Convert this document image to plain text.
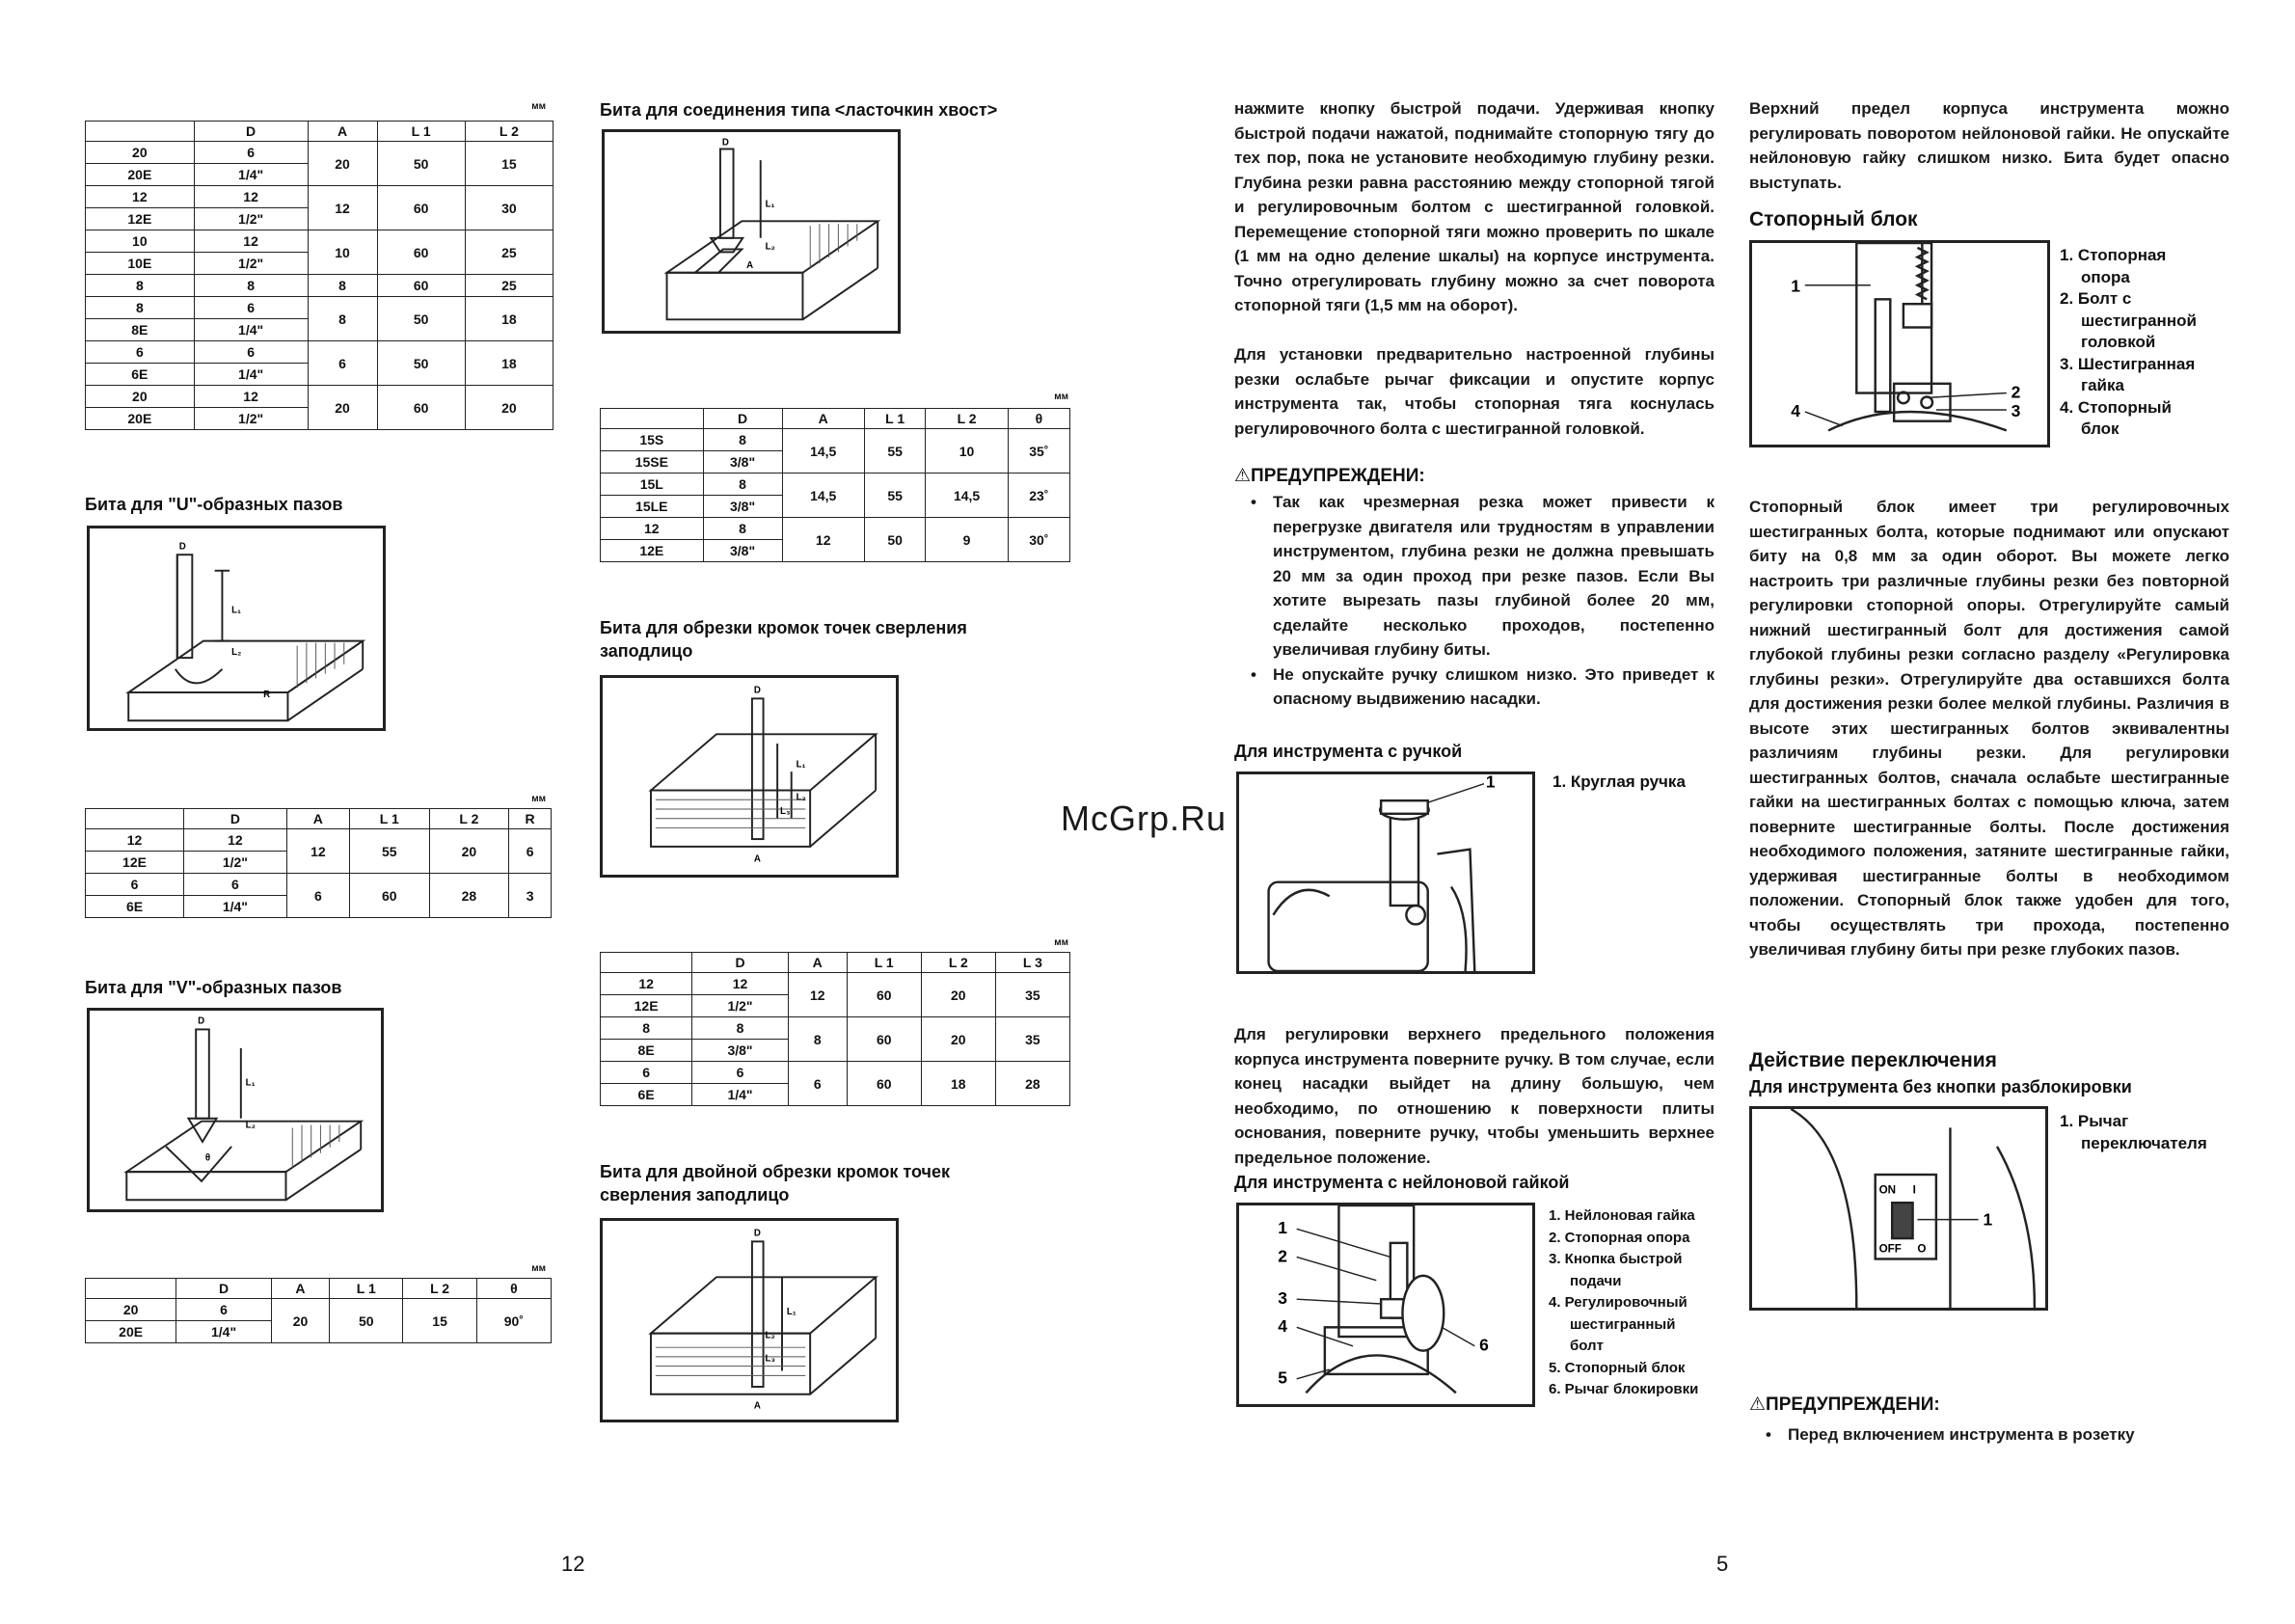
мм
	D	A	L 1	L 2
20	6	20	50	15
20E	1/4"			
12	12	12	60	30
12E	1/2"			
10	12	10	60	25
10E	1/2"			
8	8	8	60	25
8	6	8	50	18
8E	1/4"			
6	6	6	50	18
6E	1/4"			
20	12	20	60	20
20E	1/2"			
Бита для "U"-образных пазов
D
L₁
L₂
R
мм
	D	A	L 1	L 2	R
12	12	12	55	20	6
12E	1/2"				
6	6	6	60	28	3
6E	1/4"				
Бита для "V"-образных пазов
D
L₁
L₂
θ
мм
	D	A	L 1	L 2	θ
20	6	20	50	15	90˚
20E	1/4"				
Бита для соединения типа <ласточкин хвост>
D
L₁
L₂
A
мм
	D	A	L 1	L 2	θ
15S	8	14,5	55	10	35˚
15SE	3/8"				
15L	8	14,5	55	14,5	23˚
15LE	3/8"				
12	8	12	50	9	30˚
12E	3/8"				
Бита для обрезки кромок точек сверления
заподлицо
D
L₁
L₂
L₃
A
мм
	D	A	L 1	L 2	L 3
12	12	12	60	20	35
12E	1/2"				
8	8	8	60	20	35
8E	3/8"				
6	6	6	60	18	28
6E	1/4"				
Бита для двойной обрезки кромок точек
сверления заподлицо
D
L₁
L₂
L₃
A
12
McGrp.Ru
нажмите кнопку быстрой подачи. Удерживая кнопку быстрой подачи нажатой, поднимайте стопорную тягу до тех пор, пока не установите необходимую глубину резки. Глубина резки равна расстоянию между стопорной тягой и регулировочным болтом с шестигранной головкой. Перемещение стопорной тяги можно проверить по шкале (1 мм на одно деление шкалы) на корпусе инструмента. Точно отрегулировать глубину можно за счет поворота стопорной тяги (1,5 мм на оборот).
Для установки предварительно настроенной глубины резки ослабьте рычаг фиксации и опустите корпус инструмента так, чтобы стопорная тяга коснулась регулировочного болта с шестигранной головкой.
⚠ПРЕДУПРЕЖДЕНИ:
•	Так как чрезмерная резка может привести к перегрузке двигателя или трудностям в управлении инструментом, глубина резки не должна превышать 20 мм за один проход при резке пазов. Если Вы хотите вырезать пазы глубиной более 20 мм, сделайте несколько проходов, постепенно увеличивая глубину биты.
•	Не опускайте ручку слишком низко. Это приведет к опасному выдвижению насадки.
Для инструмента с ручкой
1	1. Круглая ручка
Для регулировки верхнего предельного положения корпуса инструмента поверните ручку. В том случае, если конец насадки выйдет на длину большую, чем необходимо, по отношению к поверхности плиты основания, поверните ручку, чтобы уменьшить верхнее предельное положение.
Для инструмента с нейлоновой гайкой
1
2
3
4
5
6
1. Нейлоновая гайка
2. Стопорная опора
3. Кнопка быстрой
подачи
4. Регулировочный
шестигранный
болт
5. Стопорный блок
6. Рычаг блокировки
Верхний предел корпуса инструмента можно регулировать поворотом нейлоновой гайки. Не опускайте нейлоновую гайку слишком низко. Бита будет опасно выступать.
Стопорный блок
1
2
3
4
1. Стопорная
опора
2. Болт с
шестигранной
головкой
3. Шестигранная
гайка
4. Стопорный
блок
Стопорный блок имеет три регулировочных шестигранных болта, которые поднимают или опускают биту на 0,8 мм за один оборот. Вы можете легко настроить три различные глубины резки без повторной регулировки стопорной опоры. Отрегулируйте самый нижний шестигранный болт для достижения самой глубокой глубины резки согласно разделу «Регулировка глубины резки». Отрегулируйте два оставшихся болта для достижения резки более мелкой глубины. Различия в высоте этих шестигранных болтов эквивалентны различиям глубины резки. Для регулировки шестигранных болтов, сначала ослабьте шестигранные гайки на шестигранных болтах с помощью ключа, затем поверните шестигранные болты. После достижения необходимого положения, затяните шестигранные гайки, удерживая шестигранные болты в необходимом положении. Стопорный блок также удобен для того, чтобы осуществлять три прохода, постепенно увеличивая глубину биты при резке глубоких пазов.
Действие переключения
Для инструмента без кнопки разблокировки
ON I
OFF O
1
1. Рычаг
переключателя
⚠ПРЕДУПРЕЖДЕНИ:
•	Перед включением инструмента в розетку
5
